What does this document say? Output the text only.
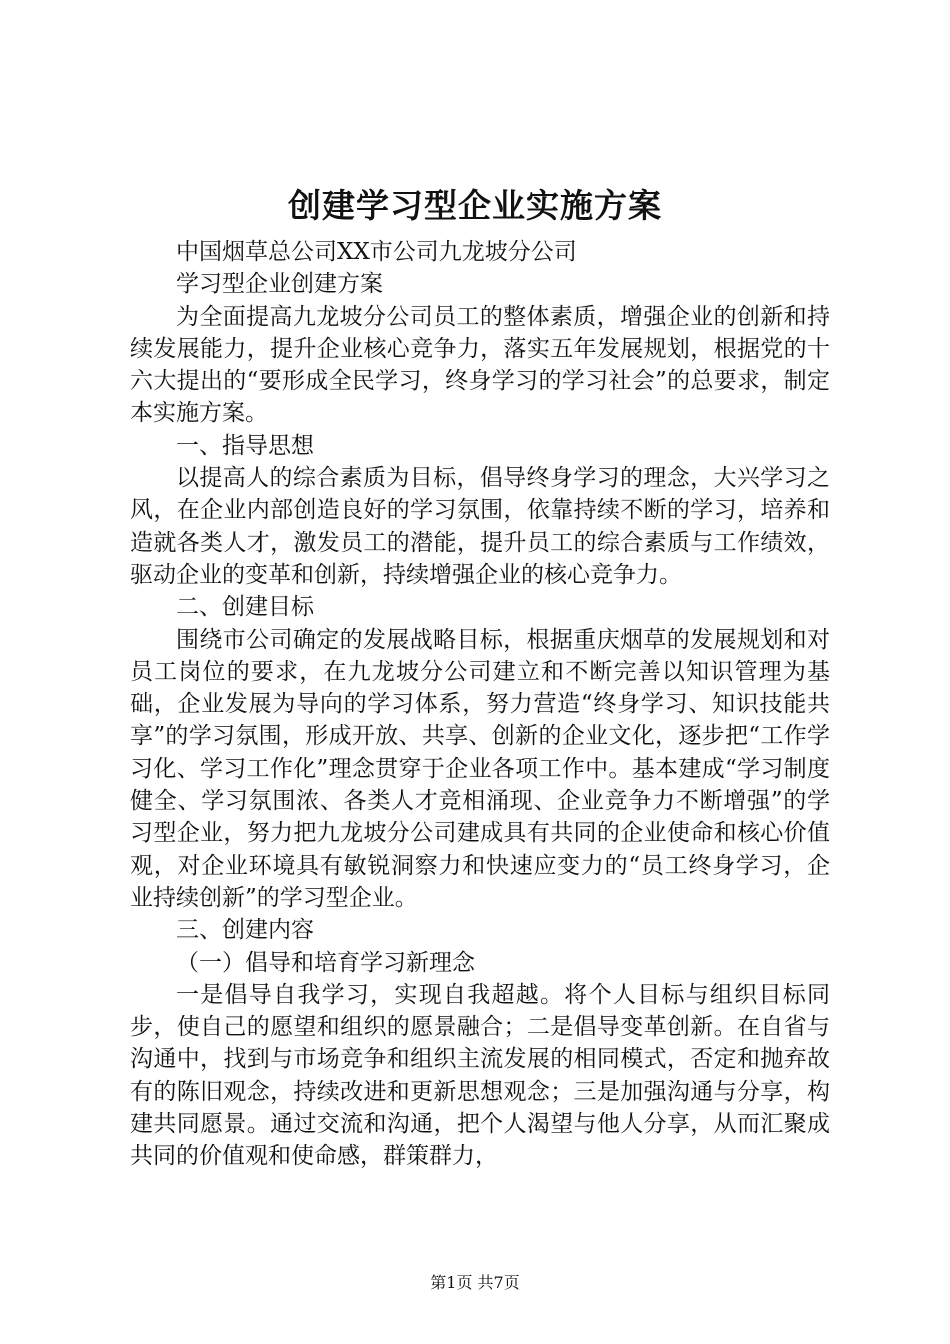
创建学习型企业实施方案

中国烟草总公司XX市公司九龙坡分公司

学习型企业创建方案

为全面提高九龙坡分公司员工的整体素质，增强企业的创新和持续发展能力，提升企业核心竞争力，落实五年发展规划，根据党的十六大提出的“要形成全民学习，终身学习的学习社会”的总要求，制定本实施方案。

一、指导思想

以提高人的综合素质为目标，倡导终身学习的理念，大兴学习之风，在企业内部创造良好的学习氛围，依靠持续不断的学习，培养和造就各类人才，激发员工的潜能，提升员工的综合素质与工作绩效，驱动企业的变革和创新，持续增强企业的核心竞争力。

二、创建目标

围绕市公司确定的发展战略目标，根据重庆烟草的发展规划和对员工岗位的要求，在九龙坡分公司建立和不断完善以知识管理为基础，企业发展为导向的学习体系，努力营造“终身学习、知识技能共享”的学习氛围，形成开放、共享、创新的企业文化，逐步把“工作学习化、学习工作化”理念贯穿于企业各项工作中。基本建成“学习制度健全、学习氛围浓、各类人才竞相涌现、企业竞争力不断增强”的学习型企业，努力把九龙坡分公司建成具有共同的企业使命和核心价值观，对企业环境具有敏锐洞察力和快速应变力的“员工终身学习，企业持续创新”的学习型企业。

三、创建内容

（一）倡导和培育学习新理念

一是倡导自我学习，实现自我超越。将个人目标与组织目标同步，使自己的愿望和组织的愿景融合；二是倡导变革创新。在自省与沟通中，找到与市场竞争和组织主流发展的相同模式，否定和抛弃故有的陈旧观念，持续改进和更新思想观念；三是加强沟通与分享，构建共同愿景。通过交流和沟通，把个人渴望与他人分享，从而汇聚成共同的价值观和使命感，群策群力，

第1页 共7页
